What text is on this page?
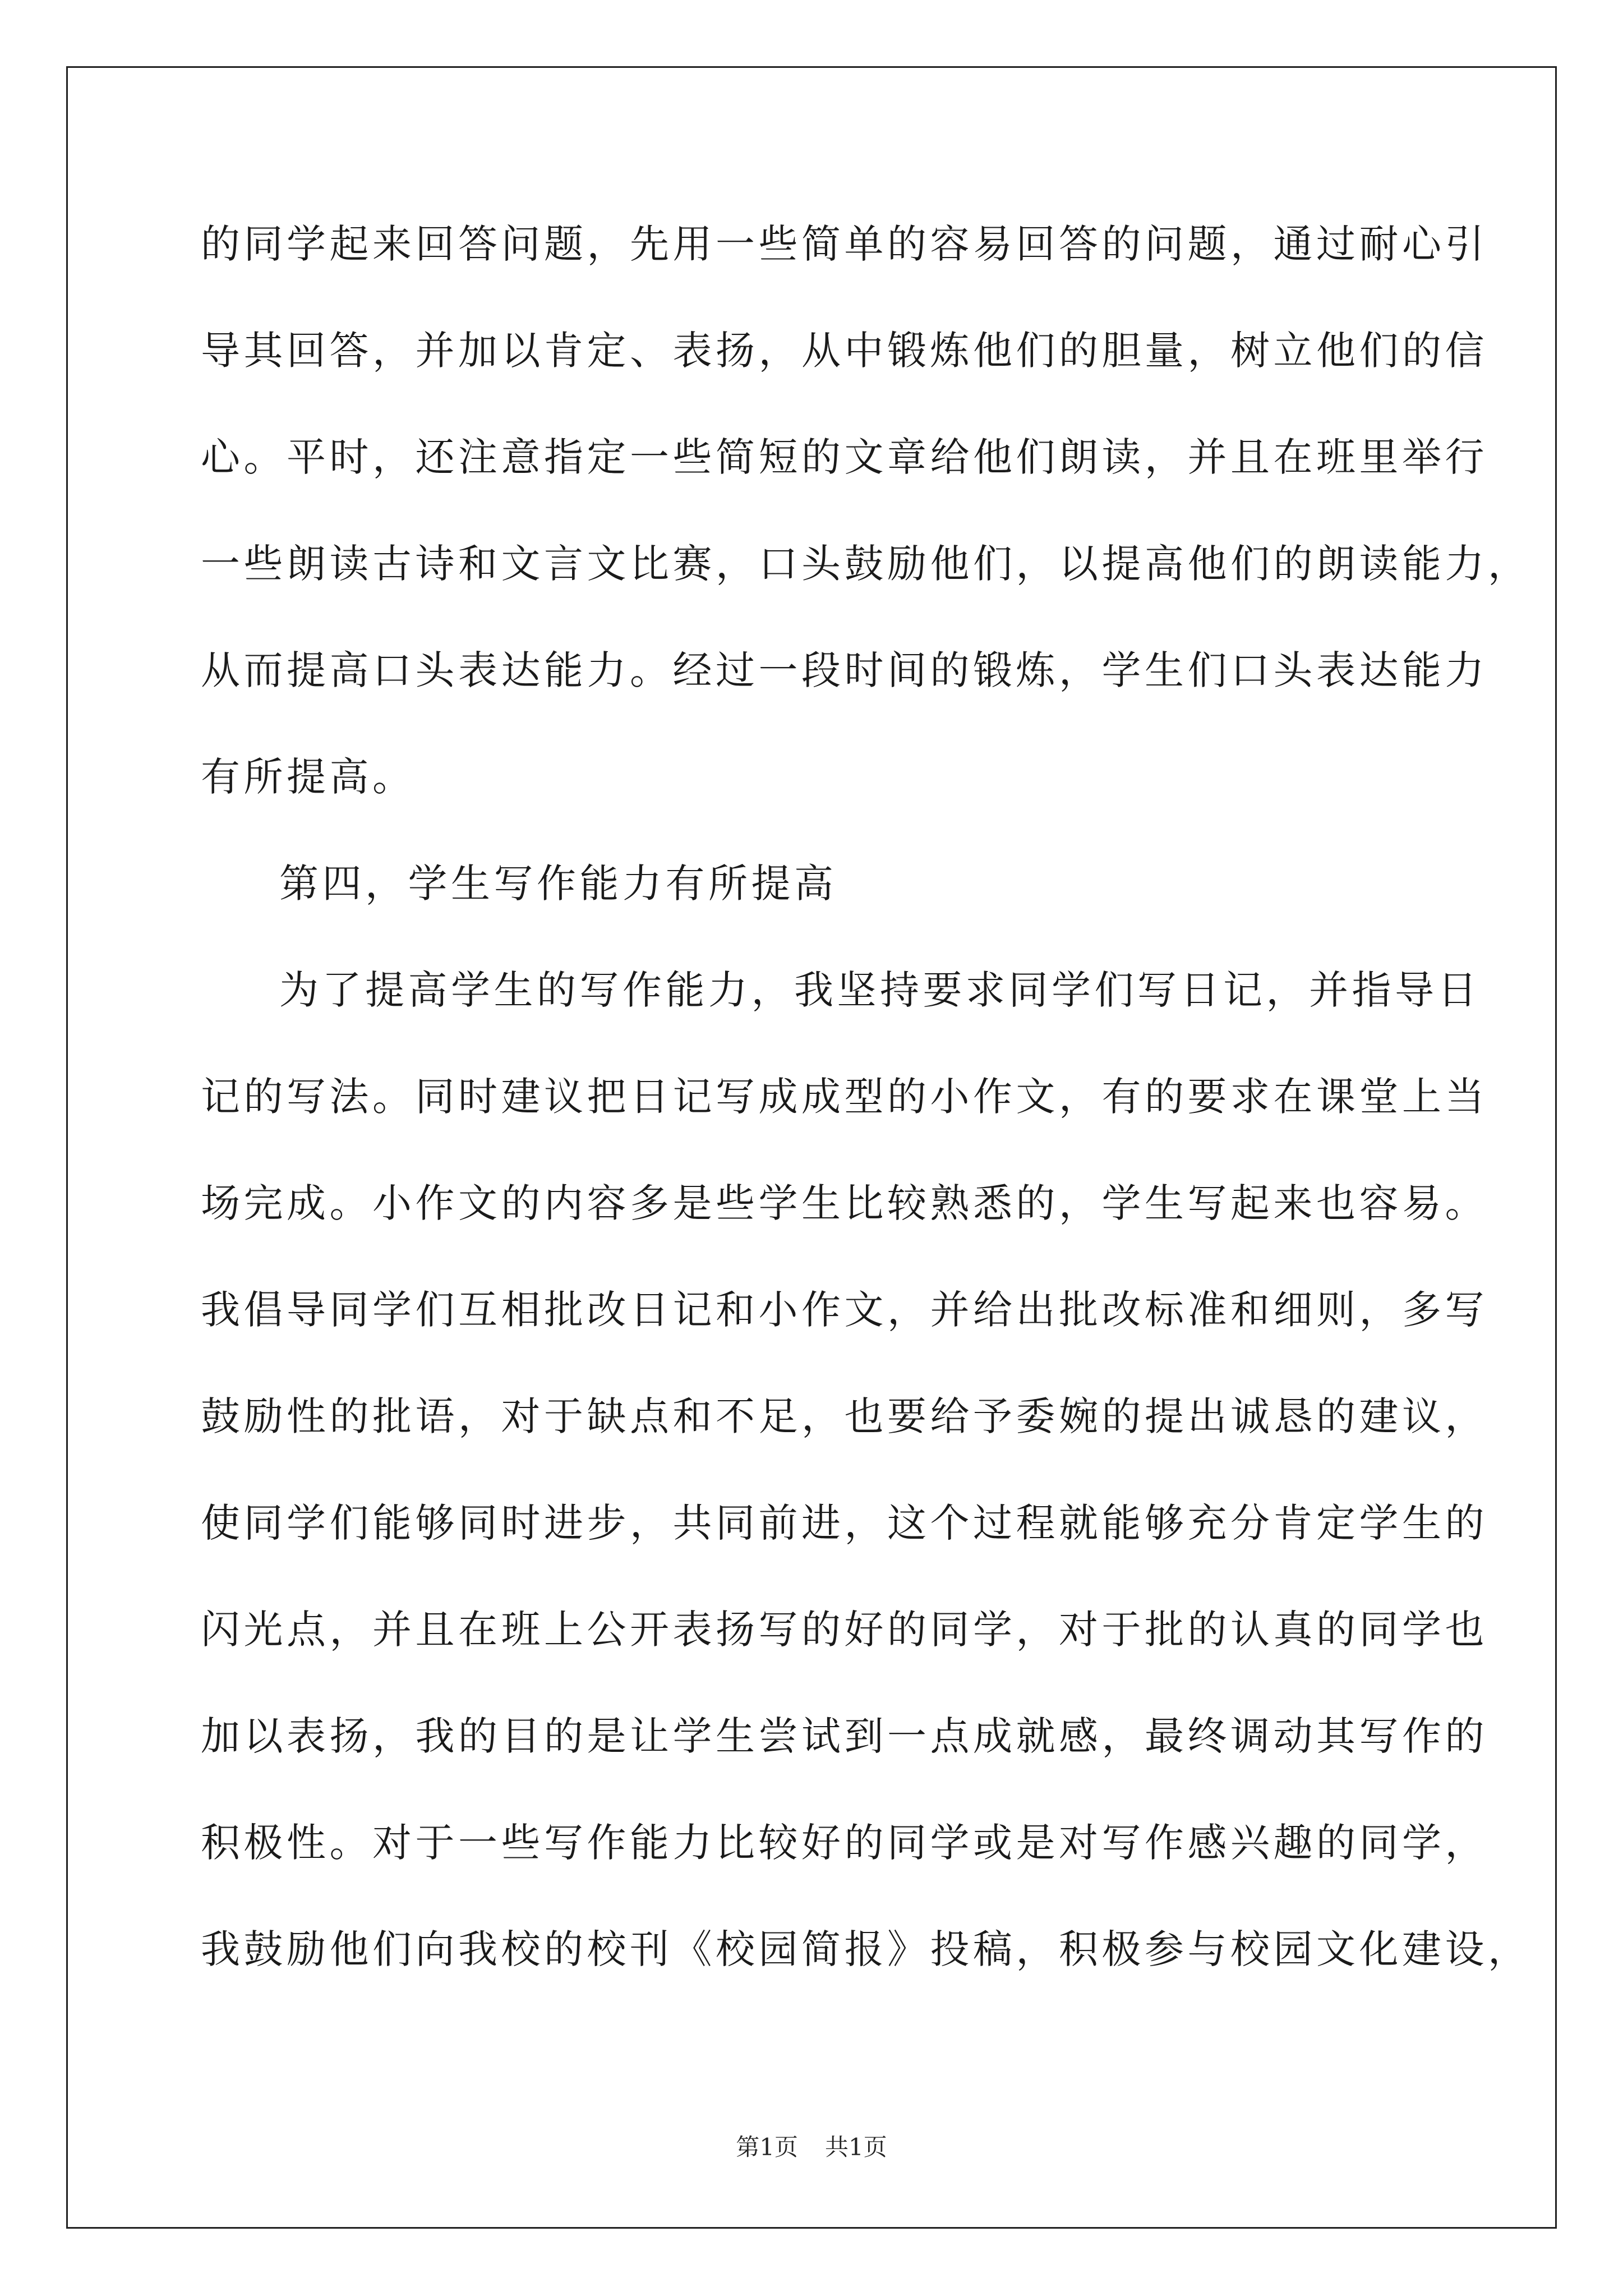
的同学起来回答问题，先用一些简单的容易回答的问题，通过耐心引
导其回答，并加以肯定、表扬，从中锻炼他们的胆量，树立他们的信
心。平时，还注意指定一些简短的文章给他们朗读，并且在班里举行
一些朗读古诗和文言文比赛，口头鼓励他们，以提高他们的朗读能力，
从而提高口头表达能力。经过一段时间的锻炼，学生们口头表达能力
有所提高。
第四，学生写作能力有所提高
为了提高学生的写作能力，我坚持要求同学们写日记，并指导日
记的写法。同时建议把日记写成成型的小作文，有的要求在课堂上当
场完成。小作文的内容多是些学生比较熟悉的，学生写起来也容易。
我倡导同学们互相批改日记和小作文，并给出批改标准和细则，多写
鼓励性的批语，对于缺点和不足，也要给予委婉的提出诚恳的建议，
使同学们能够同时进步，共同前进，这个过程就能够充分肯定学生的
闪光点，并且在班上公开表扬写的好的同学，对于批的认真的同学也
加以表扬，我的目的是让学生尝试到一点成就感，最终调动其写作的
积极性。对于一些写作能力比较好的同学或是对写作感兴趣的同学，
我鼓励他们向我校的校刊《校园简报》投稿，积极参与校园文化建设，
第1页 共1页
